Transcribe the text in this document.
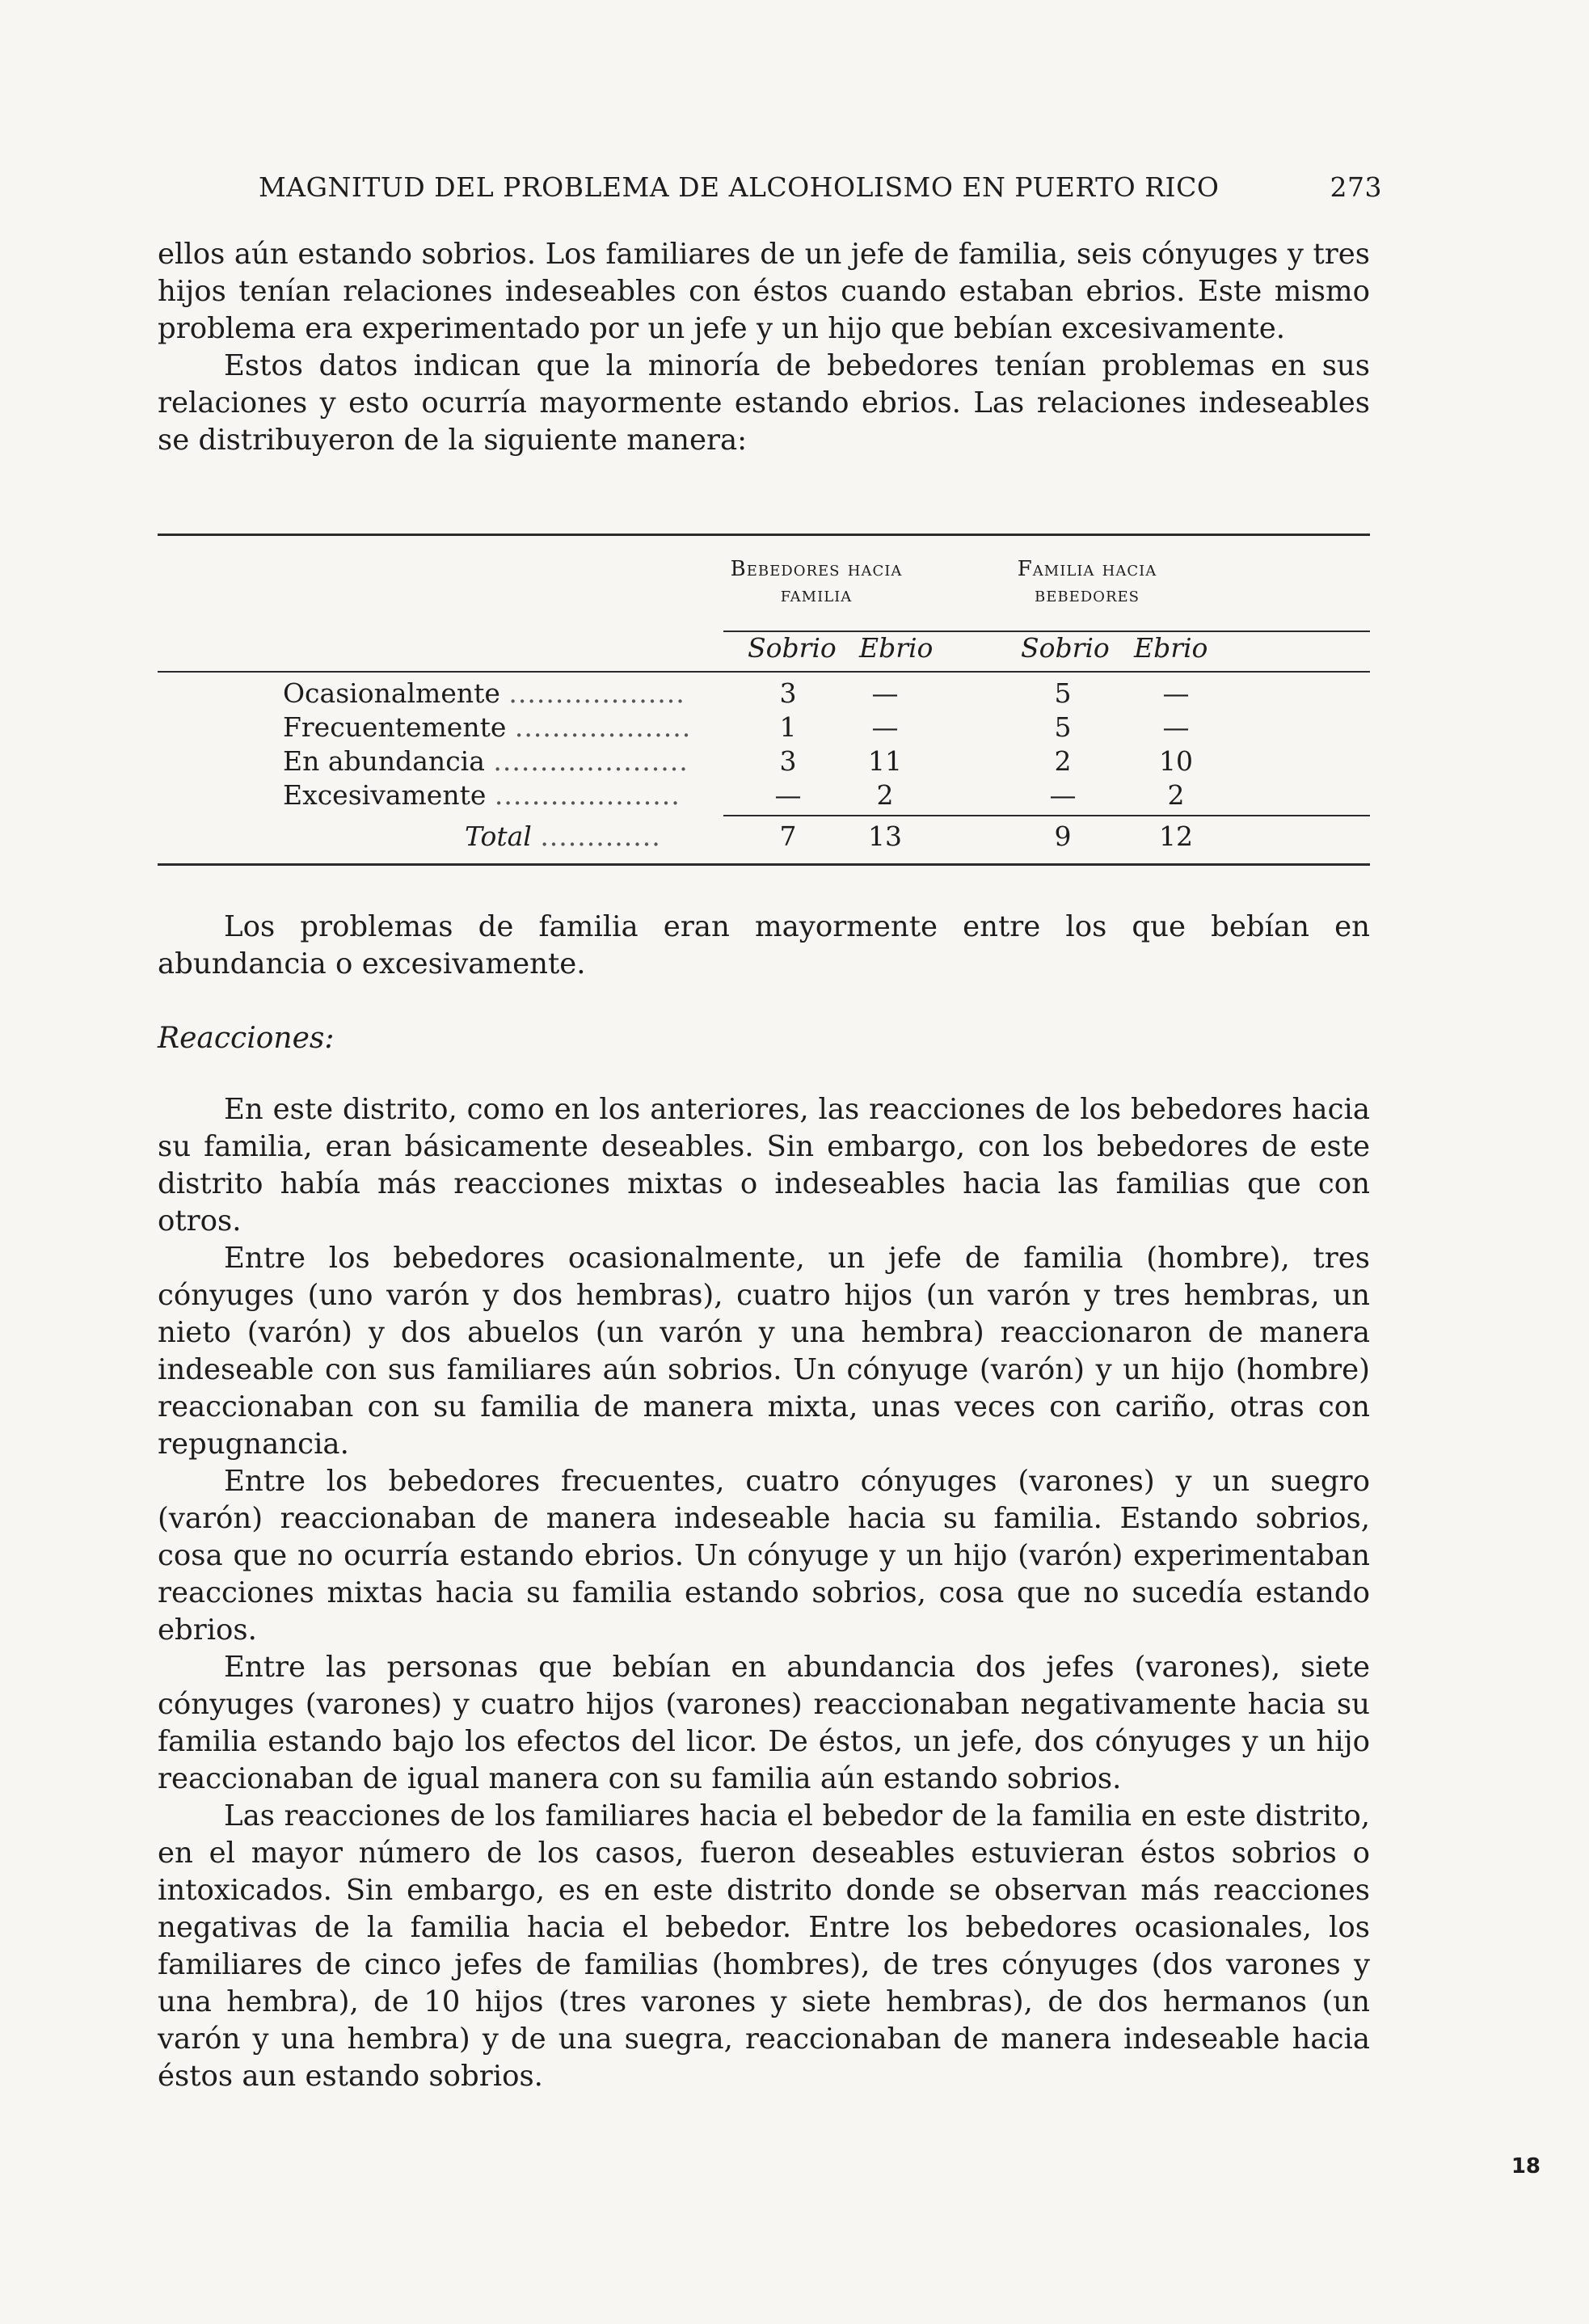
MAGNITUD DEL PROBLEMA DE ALCOHOLISMO EN PUERTO RICO	273

ellos aún estando sobrios. Los familiares de un jefe de familia, seis cónyuges y tres hijos tenían relaciones indeseables con éstos cuando estaban ebrios. Este mismo problema era experimentado por un jefe y un hijo que bebían excesivamente.

Estos datos indican que la minoría de bebedores tenían problemas en sus relaciones y esto ocurría mayormente estando ebrios. Las relaciones indeseables se distribuyeron de la siguiente manera:

Bebedores hacia familia
Familia hacia bebedores
Sobrio Ebrio	Sobrio Ebrio
Ocasionalmente ...................	3	—	5	—
Frecuentemente ...................	1	—	5	—
En abundancia .....................	3	11	2	10
Excesivamente ....................	—	2	—	2
Total .............	7	13	9	12

Los problemas de familia eran mayormente entre los que bebían en abundancia o excesivamente.

Reacciones:

En este distrito, como en los anteriores, las reacciones de los bebedores hacia su familia, eran básicamente deseables. Sin embargo, con los bebedores de este distrito había más reacciones mixtas o indeseables hacia las familias que con otros.

Entre los bebedores ocasionalmente, un jefe de familia (hombre), tres cónyuges (uno varón y dos hembras), cuatro hijos (un varón y tres hembras, un nieto (varón) y dos abuelos (un varón y una hembra) reaccionaron de manera indeseable con sus familiares aún sobrios. Un cónyuge (varón) y un hijo (hombre) reaccionaban con su familia de manera mixta, unas veces con cariño, otras con repugnancia.

Entre los bebedores frecuentes, cuatro cónyuges (varones) y un suegro (varón) reaccionaban de manera indeseable hacia su familia. Estando sobrios, cosa que no ocurría estando ebrios. Un cónyuge y un hijo (varón) experimentaban reacciones mixtas hacia su familia estando sobrios, cosa que no sucedía estando ebrios.

Entre las personas que bebían en abundancia dos jefes (varones), siete cónyuges (varones) y cuatro hijos (varones) reaccionaban negativamente hacia su familia estando bajo los efectos del licor. De éstos, un jefe, dos cónyuges y un hijo reaccionaban de igual manera con su familia aún estando sobrios.

Las reacciones de los familiares hacia el bebedor de la familia en este distrito, en el mayor número de los casos, fueron deseables estuvieran éstos sobrios o intoxicados. Sin embargo, es en este distrito donde se observan más reacciones negativas de la familia hacia el bebedor. Entre los bebedores ocasionales, los familiares de cinco jefes de familias (hombres), de tres cónyuges (dos varones y una hembra), de 10 hijos (tres varones y siete hembras), de dos hermanos (un varón y una hembra) y de una suegra, reaccionaban de manera indeseable hacia éstos aun estando sobrios.

18
